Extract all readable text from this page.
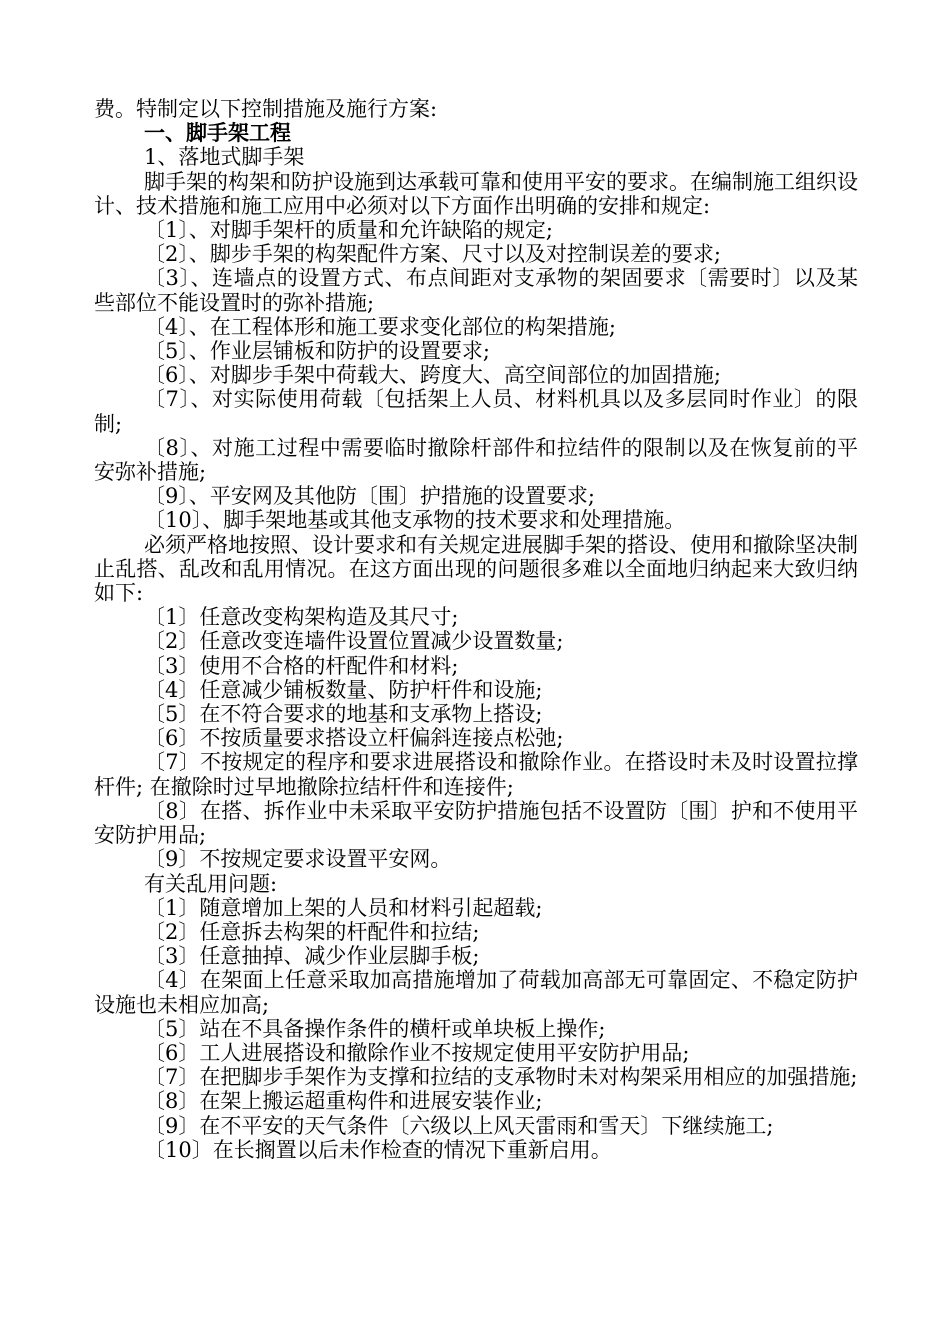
费。特制定以下控制措施及施行方案:

一、脚手架工程

1、落地式脚手架

脚手架的构架和防护设施到达承载可靠和使用平安的要求。在编制施工组织设计、技术措施和施工应用中必须对以下方面作出明确的安排和规定:

〔1〕、对脚手架杆的质量和允许缺陷的规定;

〔2〕、脚步手架的构架配件方案、尺寸以及对控制误差的要求;

〔3〕、连墙点的设置方式、布点间距对支承物的架固要求〔需要时〕以及某些部位不能设置时的弥补措施;

〔4〕、在工程体形和施工要求变化部位的构架措施;

〔5〕、作业层铺板和防护的设置要求;

〔6〕、对脚步手架中荷载大、跨度大、高空间部位的加固措施;

〔7〕、对实际使用荷载〔包括架上人员、材料机具以及多层同时作业〕的限制;

〔8〕、对施工过程中需要临时撤除杆部件和拉结件的限制以及在恢复前的平安弥补措施;

〔9〕、平安网及其他防〔围〕护措施的设置要求;

〔10〕、脚手架地基或其他支承物的技术要求和处理措施。

必须严格地按照、设计要求和有关规定进展脚手架的搭设、使用和撤除坚决制止乱搭、乱改和乱用情况。在这方面出现的问题很多难以全面地归纳起来大致归纳如下:

〔1〕任意改变构架构造及其尺寸;

〔2〕任意改变连墙件设置位置减少设置数量;

〔3〕使用不合格的杆配件和材料;

〔4〕任意减少铺板数量、防护杆件和设施;

〔5〕在不符合要求的地基和支承物上搭设;

〔6〕不按质量要求搭设立杆偏斜连接点松弛;

〔7〕不按规定的程序和要求进展搭设和撤除作业。在搭设时未及时设置拉撑杆件; 在撤除时过早地撤除拉结杆件和连接件;

〔8〕在搭、拆作业中未采取平安防护措施包括不设置防〔围〕护和不使用平安防护用品;

〔9〕不按规定要求设置平安网。

有关乱用问题:

〔1〕随意增加上架的人员和材料引起超载;

〔2〕任意拆去构架的杆配件和拉结;

〔3〕任意抽掉、减少作业层脚手板;

〔4〕在架面上任意采取加高措施增加了荷载加高部无可靠固定、不稳定防护设施也未相应加高;

〔5〕站在不具备操作条件的横杆或单块板上操作;

〔6〕工人进展搭设和撤除作业不按规定使用平安防护用品;

〔7〕在把脚步手架作为支撑和拉结的支承物时未对构架采用相应的加强措施;

〔8〕在架上搬运超重构件和进展安装作业;

〔9〕在不平安的天气条件〔六级以上风天雷雨和雪天〕下继续施工;

〔10〕在长搁置以后未作检查的情况下重新启用。
